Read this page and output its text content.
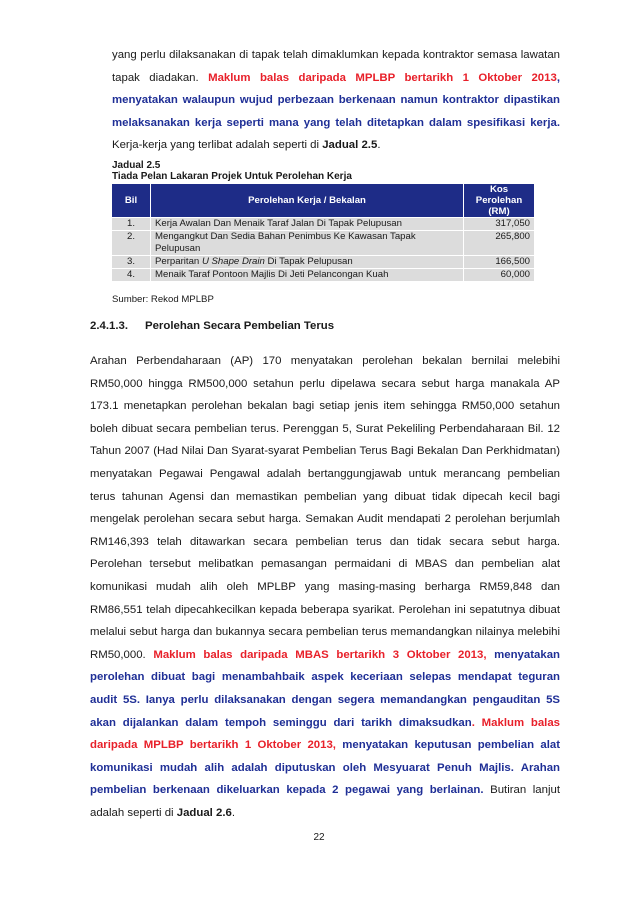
yang perlu dilaksanakan di tapak telah dimaklumkan kepada kontraktor semasa lawatan tapak diadakan. Maklum balas daripada MPLBP bertarikh 1 Oktober 2013, menyatakan walaupun wujud perbezaan berkenaan namun kontraktor dipastikan melaksanakan kerja seperti mana yang telah ditetapkan dalam spesifikasi kerja. Kerja-kerja yang terlibat adalah seperti di Jadual 2.5.

Jadual 2.5
Tiada Pelan Lakaran Projek Untuk Perolehan Kerja
Bil	Perolehan Kerja / Bekalan	Kos Perolehan (RM)
1.	Kerja Awalan Dan Menaik Taraf Jalan Di Tapak Pelupusan	317,050
2.	Mengangkut Dan Sedia Bahan Penimbus Ke Kawasan Tapak Pelupusan	265,800
3.	Perparitan U Shape Drain Di Tapak Pelupusan	166,500
4.	Menaik Taraf Pontoon Majlis Di Jeti Pelancongan Kuah	60,000
Sumber: Rekod MPLBP
2.4.1.3. Perolehan Secara Pembelian Terus

Arahan Perbendaharaan (AP) 170 menyatakan perolehan bekalan bernilai melebihi RM50,000 hingga RM500,000 setahun perlu dipelawa secara sebut harga manakala AP 173.1 menetapkan perolehan bekalan bagi setiap jenis item sehingga RM50,000 setahun boleh dibuat secara pembelian terus. Perenggan 5, Surat Pekeliling Perbendaharaan Bil. 12 Tahun 2007 (Had Nilai Dan Syarat-syarat Pembelian Terus Bagi Bekalan Dan Perkhidmatan) menyatakan Pegawai Pengawal adalah bertanggungjawab untuk merancang pembelian terus tahunan Agensi dan memastikan pembelian yang dibuat tidak dipecah kecil bagi mengelak perolehan secara sebut harga. Semakan Audit mendapati 2 perolehan berjumlah RM146,393 telah ditawarkan secara pembelian terus dan tidak secara sebut harga. Perolehan tersebut melibatkan pemasangan permaidani di MBAS dan pembelian alat komunikasi mudah alih oleh MPLBP yang masing-masing berharga RM59,848 dan RM86,551 telah dipecahkecilkan kepada beberapa syarikat. Perolehan ini sepatutnya dibuat melalui sebut harga dan bukannya secara pembelian terus memandangkan nilainya melebihi RM50,000. Maklum balas daripada MBAS bertarikh 3 Oktober 2013, menyatakan perolehan dibuat bagi menambahbaik aspek keceriaan selepas mendapat teguran audit 5S. Ianya perlu dilaksanakan dengan segera memandangkan pengauditan 5S akan dijalankan dalam tempoh seminggu dari tarikh dimaksudkan. Maklum balas daripada MPLBP bertarikh 1 Oktober 2013, menyatakan keputusan pembelian alat komunikasi mudah alih adalah diputuskan oleh Mesyuarat Penuh Majlis. Arahan pembelian berkenaan dikeluarkan kepada 2 pegawai yang berlainan. Butiran lanjut adalah seperti di Jadual 2.6.

22
